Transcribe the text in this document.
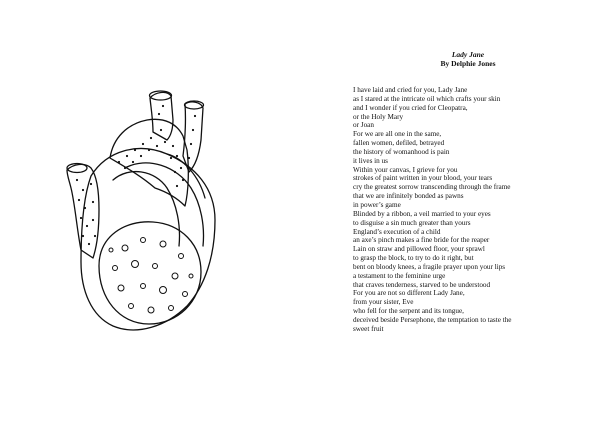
Lady Jane

By Delphie Jones

I have laid and cried for you, Lady Jane
as I stared at the intricate oil which crafts your skin
and I wonder if you cried for Cleopatra,
or the Holy Mary
or Joan
For we are all one in the same,
fallen women, defiled, betrayed
the history of womanhood is pain
it lives in us
Within your canvas, I grieve for you
strokes of paint written in your blood, your tears
cry the greatest sorrow transcending through the frame
that we are infinitely bonded as pawns
in power’s game
Blinded by a ribbon, a veil married to your eyes
to disguise a sin much greater than yours
England’s execution of a child
an axe’s pinch makes a fine bride for the reaper
Lain on straw and pillowed floor, your sprawl
to grasp the block, to try to do it right, but
bent on bloody knees, a fragile prayer upon your lips
a testament to the feminine urge
that craves tenderness, starved to be understood
For you are not so different Lady Jane,
from your sister, Eve
who fell for the serpent and its tongue,
deceived beside Persephone, the temptation to taste the
sweet fruit
